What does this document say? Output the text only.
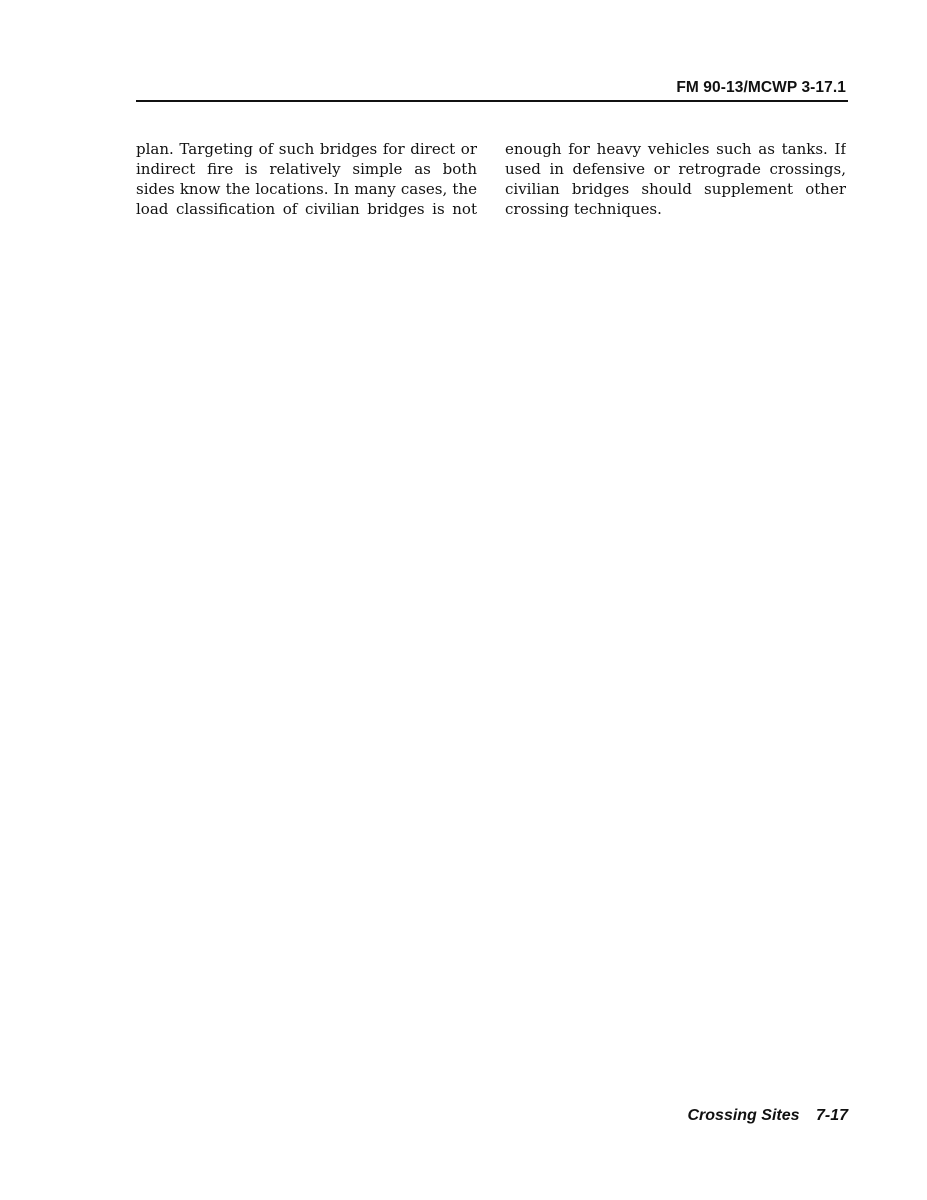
FM 90-13/MCWP 3-17.1
plan. Targeting of such bridges for direct or
indirect fire is relatively simple as both
sides know the locations. In many cases, the
load classification of civilian bridges is not
enough for heavy vehicles such as tanks. If
used in defensive or retrograde crossings,
civilian bridges should supplement other
crossing techniques.
Crossing Sites 7-17
